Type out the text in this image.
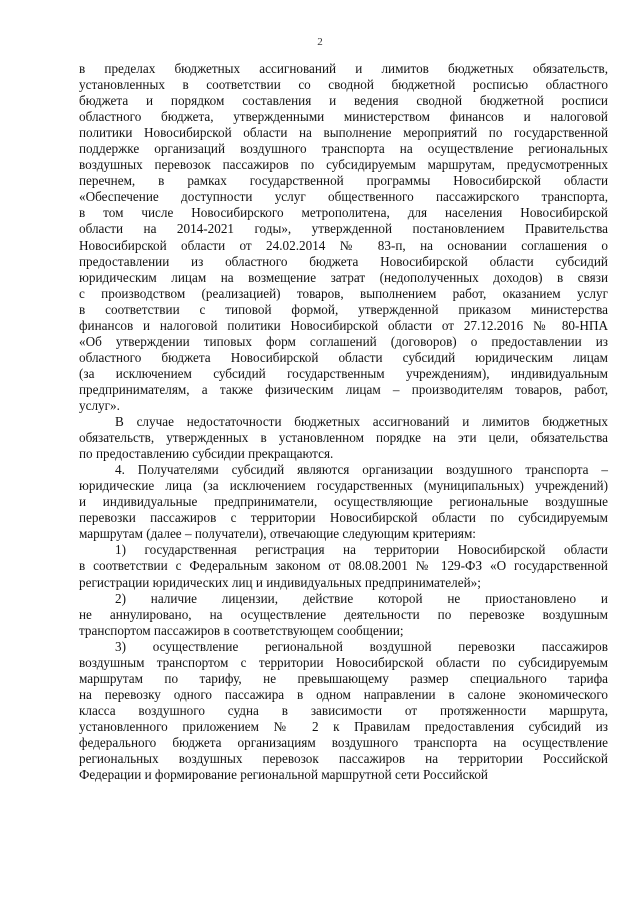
2
в пределах бюджетных ассигнований и лимитов бюджетных обязательств,
установленных в соответствии со сводной бюджетной росписью областного
бюджета и порядком составления и ведения сводной бюджетной росписи
областного бюджета, утвержденными министерством финансов и налоговой
политики Новосибирской области на выполнение мероприятий по государственной
поддержке организаций воздушного транспорта на осуществление региональных
воздушных перевозок пассажиров по субсидируемым маршрутам, предусмотренных
перечнем, в рамках государственной программы Новосибирской области
«Обеспечение доступности услуг общественного пассажирского транспорта,
в том числе Новосибирского метрополитена, для населения Новосибирской
области на 2014-2021 годы», утвержденной постановлением Правительства
Новосибирской области от 24.02.2014 № 83-п, на основании соглашения о
предоставлении из областного бюджета Новосибирской области субсидий
юридическим лицам на возмещение затрат (недополученных доходов) в связи
с производством (реализацией) товаров, выполнением работ, оказанием услуг
в соответствии с типовой формой, утвержденной приказом министерства
финансов и налоговой политики Новосибирской области от 27.12.2016 № 80-НПА
«Об утверждении типовых форм соглашений (договоров) о предоставлении из
областного бюджета Новосибирской области субсидий юридическим лицам
(за исключением субсидий государственным учреждениям), индивидуальным
предпринимателям, а также физическим лицам – производителям товаров, работ,
услуг».
В случае недостаточности бюджетных ассигнований и лимитов бюджетных
обязательств, утвержденных в установленном порядке на эти цели, обязательства
по предоставлению субсидии прекращаются.
4. Получателями субсидий являются организации воздушного транспорта –
юридические лица (за исключением государственных (муниципальных) учреждений)
и индивидуальные предприниматели, осуществляющие региональные воздушные
перевозки пассажиров с территории Новосибирской области по субсидируемым
маршрутам (далее – получатели), отвечающие следующим критериям:
1) государственная регистрация на территории Новосибирской области
в соответствии с Федеральным законом от 08.08.2001 № 129-ФЗ «О государственной
регистрации юридических лиц и индивидуальных предпринимателей»;
2) наличие лицензии, действие которой не приостановлено и
не аннулировано, на осуществление деятельности по перевозке воздушным
транспортом пассажиров в соответствующем сообщении;
3) осуществление региональной воздушной перевозки пассажиров
воздушным транспортом с территории Новосибирской области по субсидируемым
маршрутам по тарифу, не превышающему размер специального тарифа
на перевозку одного пассажира в одном направлении в салоне экономического
класса воздушного судна в зависимости от протяженности маршрута,
установленного приложением № 2 к Правилам предоставления субсидий из
федерального бюджета организациям воздушного транспорта на осуществление
региональных воздушных перевозок пассажиров на территории Российской
Федерации и формирование региональной маршрутной сети Российской
